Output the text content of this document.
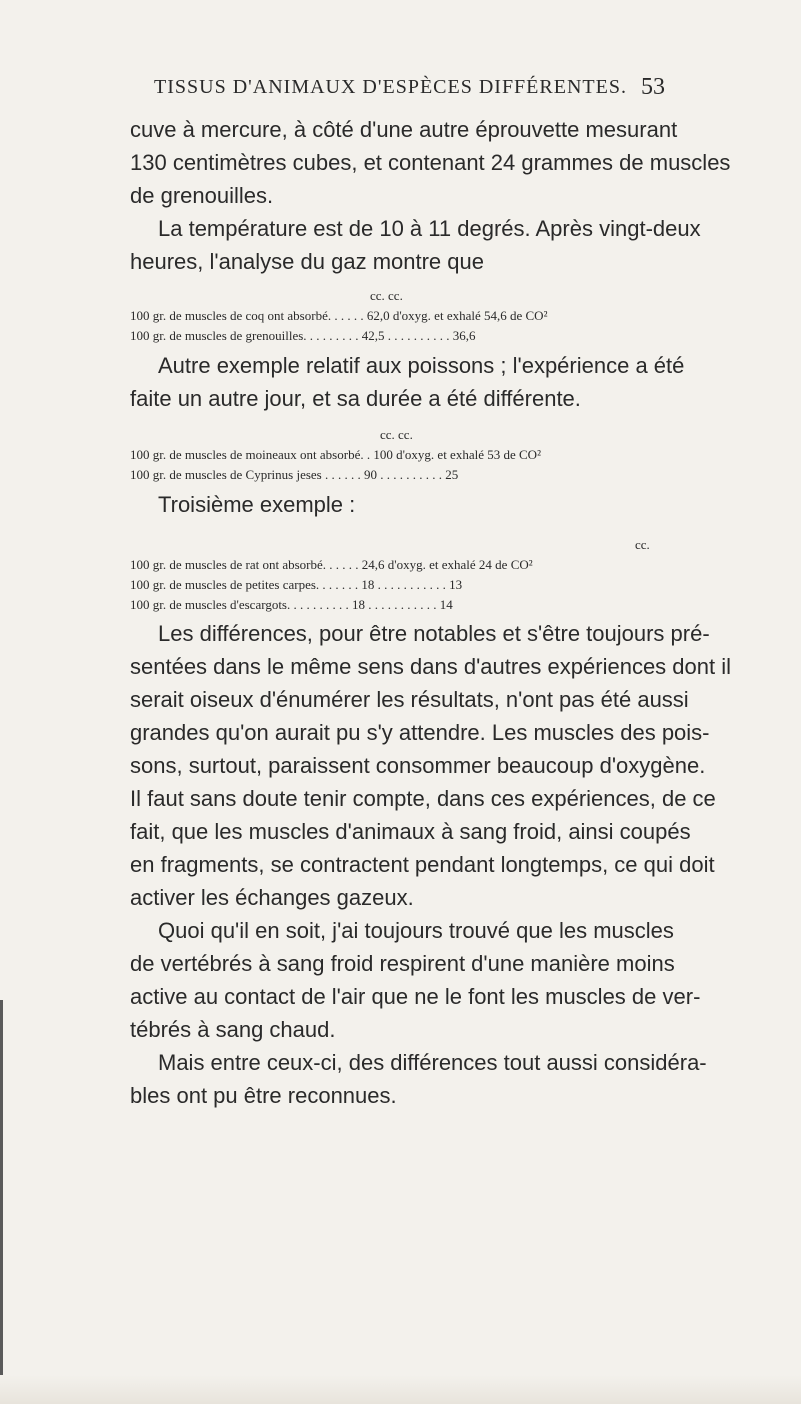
TISSUS D'ANIMAUX D'ESPÈCES DIFFÉRENTES. 53
cuve à mercure, à côté d'une autre éprouvette mesurant
130 centimètres cubes, et contenant 24 grammes de muscles
de grenouilles.
La température est de 10 à 11 degrés. Après vingt-deux
heures, l'analyse du gaz montre que
cc. cc.
100 gr. de muscles de coq ont absorbé. . . . . . 62,0 d'oxyg. et exhalé 54,6 de CO²
100 gr. de muscles de grenouilles. . . . . . . . . 42,5 . . . . . . . . . . 36,6
Autre exemple relatif aux poissons ; l'expérience a été
faite un autre jour, et sa durée a été différente.
cc. cc.
100 gr. de muscles de moineaux ont absorbé. . 100 d'oxyg. et exhalé 53 de CO²
100 gr. de muscles de Cyprinus jeses . . . . . . 90 . . . . . . . . . . 25
Troisième exemple :
cc.
100 gr. de muscles de rat ont absorbé. . . . . . 24,6 d'oxyg. et exhalé 24 de CO²
100 gr. de muscles de petites carpes. . . . . . . 18 . . . . . . . . . . . 13
100 gr. de muscles d'escargots. . . . . . . . . . 18 . . . . . . . . . . . 14
Les différences, pour être notables et s'être toujours pré-
sentées dans le même sens dans d'autres expériences dont il
serait oiseux d'énumérer les résultats, n'ont pas été aussi
grandes qu'on aurait pu s'y attendre. Les muscles des pois-
sons, surtout, paraissent consommer beaucoup d'oxygène.
Il faut sans doute tenir compte, dans ces expériences, de ce
fait, que les muscles d'animaux à sang froid, ainsi coupés
en fragments, se contractent pendant longtemps, ce qui doit
activer les échanges gazeux.
Quoi qu'il en soit, j'ai toujours trouvé que les muscles
de vertébrés à sang froid respirent d'une manière moins
active au contact de l'air que ne le font les muscles de ver-
tébrés à sang chaud.
Mais entre ceux-ci, des différences tout aussi considéra-
bles ont pu être reconnues.
